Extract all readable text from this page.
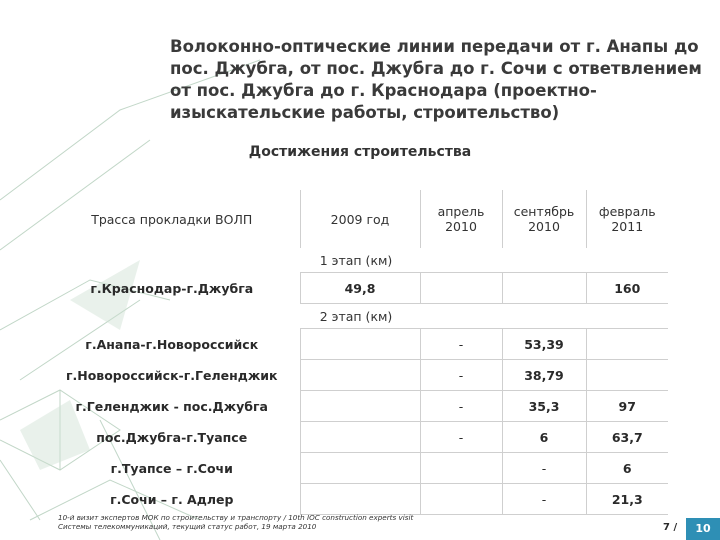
Волоконно-оптические линии передачи от г. Анапы до
пос. Джубга, от пос. Джубга до г. Сочи с ответвлением
от пос. Джубга до г. Краснодара (проектно-
изыскательские работы, строительство)
Достижения строительства
Трасса прокладки ВОЛП	2009 год	апрель 2010	сентябрь 2010	февраль 2011
1 этап (км)				
г.Краснодар-г.Джубга	49,8			160
2 этап (км)				
г.Анапа-г.Новороссийск		-	53,39	
г.Новороссийск-г.Геленджик		-	38,79	
г.Геленджик - пос.Джубга		-	35,3	97
пос.Джубга-г.Туапсе		-	6	63,7
г.Туапсе – г.Сочи			-	6
г.Сочи – г. Адлер			-	21,3
10-й визит экспертов МОК по строительству и транспорту / 10th IOC construction experts visit
Системы телекоммуникаций, текущий статус работ, 19 марта 2010	7 /	10
